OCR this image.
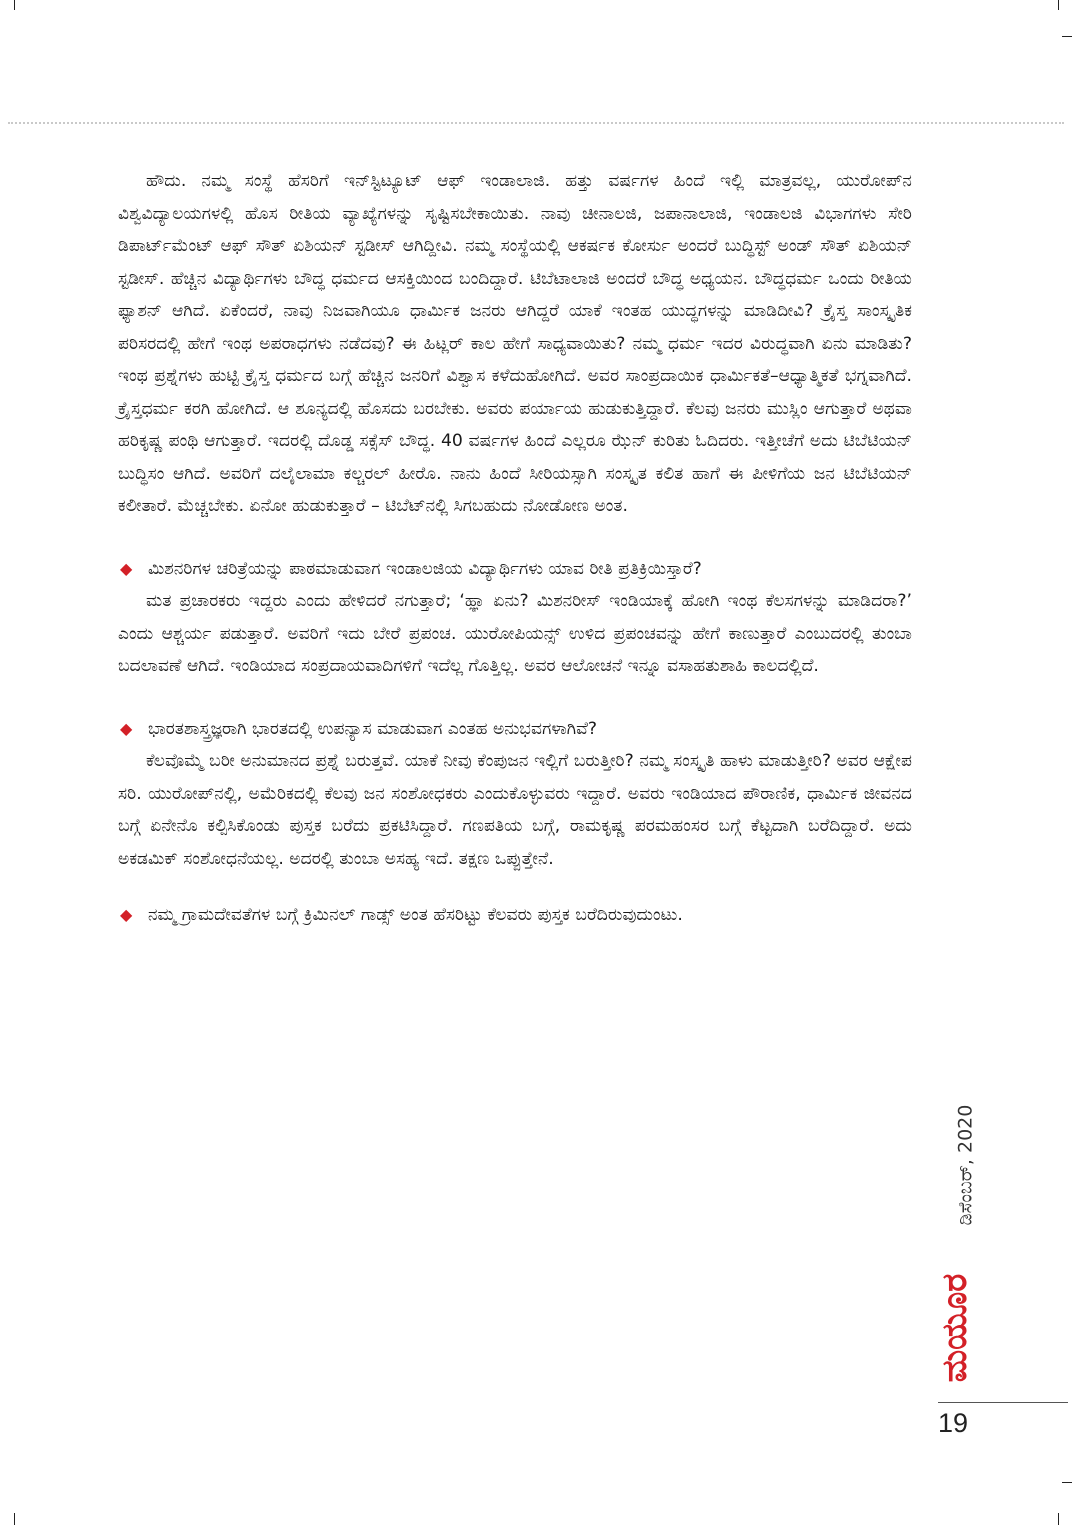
ಹೌದು. ನಮ್ಮ ಸಂಸ್ಥೆ ಹೆಸರಿಗೆ ಇನ್‌ಸ್ಟಿಟ್ಯೂಟ್ ಆಫ್ ಇಂಡಾಲಾಜಿ. ಹತ್ತು ವರ್ಷಗಳ ಹಿಂದೆ ಇಲ್ಲಿ ಮಾತ್ರವಲ್ಲ, ಯುರೋಪ್‌ನ ವಿಶ್ವವಿದ್ಯಾಲಯಗಳಲ್ಲಿ ಹೊಸ ರೀತಿಯ ವ್ಯಾಖ್ಯೆಗಳನ್ನು ಸೃಷ್ಟಿಸಬೇಕಾಯಿತು. ನಾವು ಚೀನಾಲಜಿ, ಜಪಾನಾಲಾಜಿ, ಇಂಡಾಲಜಿ ವಿಭಾಗಗಳು ಸೇರಿ ಡಿಪಾರ್ಟ್‌ಮೆಂಟ್ ಆಫ್ ಸೌತ್ ಏಶಿಯನ್ ಸ್ಟಡೀಸ್ ಆಗಿದ್ದೀವಿ. ನಮ್ಮ ಸಂಸ್ಥೆಯಲ್ಲಿ ಆಕರ್ಷಕ ಕೋರ್ಸು ಅಂದರೆ ಬುದ್ಧಿಸ್ಟ್ ಅಂಡ್ ಸೌತ್ ಏಶಿಯನ್ ಸ್ಟಡೀಸ್. ಹೆಚ್ಚಿನ ವಿದ್ಯಾರ್ಥಿಗಳು ಬೌದ್ಧ ಧರ್ಮದ ಆಸಕ್ತಿಯಿಂದ ಬಂದಿದ್ದಾರೆ. ಟಿಬೆಟಾಲಾಜಿ ಅಂದರೆ ಬೌದ್ಧ ಅಧ್ಯಯನ. ಬೌದ್ಧಧರ್ಮ ಒಂದು ರೀತಿಯ ಫ್ಯಾಶನ್ ಆಗಿದೆ. ಏಕೆಂದರೆ, ನಾವು ನಿಜವಾಗಿಯೂ ಧಾರ್ಮಿಕ ಜನರು ಆಗಿದ್ದರೆ ಯಾಕೆ ಇಂತಹ ಯುದ್ಧಗಳನ್ನು ಮಾಡಿದೀವಿ? ಕ್ರೈಸ್ತ ಸಾಂಸ್ಕೃತಿಕ ಪರಿಸರದಲ್ಲಿ ಹೇಗೆ ಇಂಥ ಅಪರಾಧಗಳು ನಡೆದವು? ಈ ಹಿಟ್ಲರ್ ಕಾಲ ಹೇಗೆ ಸಾಧ್ಯವಾಯಿತು? ನಮ್ಮ ಧರ್ಮ ಇದರ ವಿರುದ್ಧವಾಗಿ ಏನು ಮಾಡಿತು? ಇಂಥ ಪ್ರಶ್ನೆಗಳು ಹುಟ್ಟಿ ಕ್ರೈಸ್ತ ಧರ್ಮದ ಬಗ್ಗೆ ಹೆಚ್ಚಿನ ಜನರಿಗೆ ವಿಶ್ವಾಸ ಕಳೆದುಹೋಗಿದೆ. ಅವರ ಸಾಂಪ್ರದಾಯಿಕ ಧಾರ್ಮಿಕತೆ–ಆಧ್ಯಾತ್ಮಿಕತೆ ಭಗ್ನವಾಗಿದೆ. ಕ್ರೈಸ್ತಧರ್ಮ ಕರಗಿ ಹೋಗಿದೆ. ಆ ಶೂನ್ಯದಲ್ಲಿ ಹೊಸದು ಬರಬೇಕು. ಅವರು ಪರ್ಯಾಯ ಹುಡುಕುತ್ತಿದ್ದಾರೆ. ಕೆಲವು ಜನರು ಮುಸ್ಲಿಂ ಆಗುತ್ತಾರೆ ಅಥವಾ ಹರಿಕೃಷ್ಣ ಪಂಥಿ ಆಗುತ್ತಾರೆ. ಇದರಲ್ಲಿ ದೊಡ್ಡ ಸಕ್ಸೆಸ್ ಬೌದ್ಧ. 40 ವರ್ಷಗಳ ಹಿಂದೆ ಎಲ್ಲರೂ ಝೆನ್ ಕುರಿತು ಓದಿದರು. ಇತ್ತೀಚೆಗೆ ಅದು ಟಿಬೆಟಿಯನ್ ಬುದ್ಧಿಸಂ ಆಗಿದೆ. ಅವರಿಗೆ ದಲೈಲಾಮಾ ಕಲ್ಚರಲ್ ಹೀರೊ. ನಾನು ಹಿಂದೆ ಸೀರಿಯಸ್ಸಾಗಿ ಸಂಸ್ಕೃತ ಕಲಿತ ಹಾಗೆ ಈ ಪೀಳಿಗೆಯ ಜನ ಟಿಬೆಟಿಯನ್ ಕಲೀತಾರೆ. ಮೆಚ್ಚಬೇಕು. ಏನೋ ಹುಡುಕುತ್ತಾರೆ – ಟಿಬೆಟ್‌ನಲ್ಲಿ ಸಿಗಬಹುದು ನೋಡೋಣ ಅಂತ.

◆ ಮಿಶನರಿಗಳ ಚರಿತ್ರೆಯನ್ನು ಪಾಠಮಾಡುವಾಗ ಇಂಡಾಲಜಿಯ ವಿದ್ಯಾರ್ಥಿಗಳು ಯಾವ ರೀತಿ ಪ್ರತಿಕ್ರಿಯಿಸ್ತಾರೆ?

ಮತ ಪ್ರಚಾರಕರು ಇದ್ದರು ಎಂದು ಹೇಳಿದರೆ ನಗುತ್ತಾರೆ; ‘ಹ್ಞಾ ಏನು? ಮಿಶನರೀಸ್ ಇಂಡಿಯಾಕ್ಕೆ ಹೋಗಿ ಇಂಥ ಕೆಲಸಗಳನ್ನು ಮಾಡಿದರಾ?’ ಎಂದು ಆಶ್ಚರ್ಯ ಪಡುತ್ತಾರೆ. ಅವರಿಗೆ ಇದು ಬೇರೆ ಪ್ರಪಂಚ. ಯುರೋಪಿಯನ್ಸ್ ಉಳಿದ ಪ್ರಪಂಚವನ್ನು ಹೇಗೆ ಕಾಣುತ್ತಾರೆ ಎಂಬುದರಲ್ಲಿ ತುಂಬಾ ಬದಲಾವಣೆ ಆಗಿದೆ. ಇಂಡಿಯಾದ ಸಂಪ್ರದಾಯವಾದಿಗಳಿಗೆ ಇದೆಲ್ಲ ಗೊತ್ತಿಲ್ಲ. ಅವರ ಆಲೋಚನೆ ಇನ್ನೂ ವಸಾಹತುಶಾಹಿ ಕಾಲದಲ್ಲಿದೆ.

◆ ಭಾರತಶಾಸ್ತ್ರಜ್ಞರಾಗಿ ಭಾರತದಲ್ಲಿ ಉಪನ್ಯಾಸ ಮಾಡುವಾಗ ಎಂತಹ ಅನುಭವಗಳಾಗಿವೆ?

ಕೆಲವೊಮ್ಮೆ ಬರೀ ಅನುಮಾನದ ಪ್ರಶ್ನೆ ಬರುತ್ತವೆ. ಯಾಕೆ ನೀವು ಕೆಂಪುಜನ ಇಲ್ಲಿಗೆ ಬರುತ್ತೀರಿ? ನಮ್ಮ ಸಂಸ್ಕೃತಿ ಹಾಳು ಮಾಡುತ್ತೀರಿ? ಅವರ ಆಕ್ಷೇಪ ಸರಿ. ಯುರೋಪ್‌ನಲ್ಲಿ, ಅಮೆರಿಕದಲ್ಲಿ ಕೆಲವು ಜನ ಸಂಶೋಧಕರು ಎಂದುಕೊಳ್ಳುವರು ಇದ್ದಾರೆ. ಅವರು ಇಂಡಿಯಾದ ಪೌರಾಣಿಕ, ಧಾರ್ಮಿಕ ಜೀವನದ ಬಗ್ಗೆ ಏನೇನೊ ಕಲ್ಪಿಸಿಕೊಂಡು ಪುಸ್ತಕ ಬರೆದು ಪ್ರಕಟಿಸಿದ್ದಾರೆ. ಗಣಪತಿಯ ಬಗ್ಗೆ, ರಾಮಕೃಷ್ಣ ಪರಮಹಂಸರ ಬಗ್ಗೆ ಕೆಟ್ಟದಾಗಿ ಬರೆದಿದ್ದಾರೆ. ಅದು ಅಕಡಮಿಕ್ ಸಂಶೋಧನೆಯಲ್ಲ. ಅದರಲ್ಲಿ ತುಂಬಾ ಅಸಹ್ಯ ಇದೆ. ತಕ್ಷಣ ಒಪ್ಪುತ್ತೇನೆ.

◆ ನಮ್ಮ ಗ್ರಾಮದೇವತೆಗಳ ಬಗ್ಗೆ ಕ್ರಿಮಿನಲ್ ಗಾಡ್ಸ್ ಅಂತ ಹೆಸರಿಟ್ಟು ಕೆಲವರು ಪುಸ್ತಕ ಬರೆದಿರುವುದುಂಟು.

ಡಿಸೆಂಬರ್, 2020
ಮಯೂರ
19
